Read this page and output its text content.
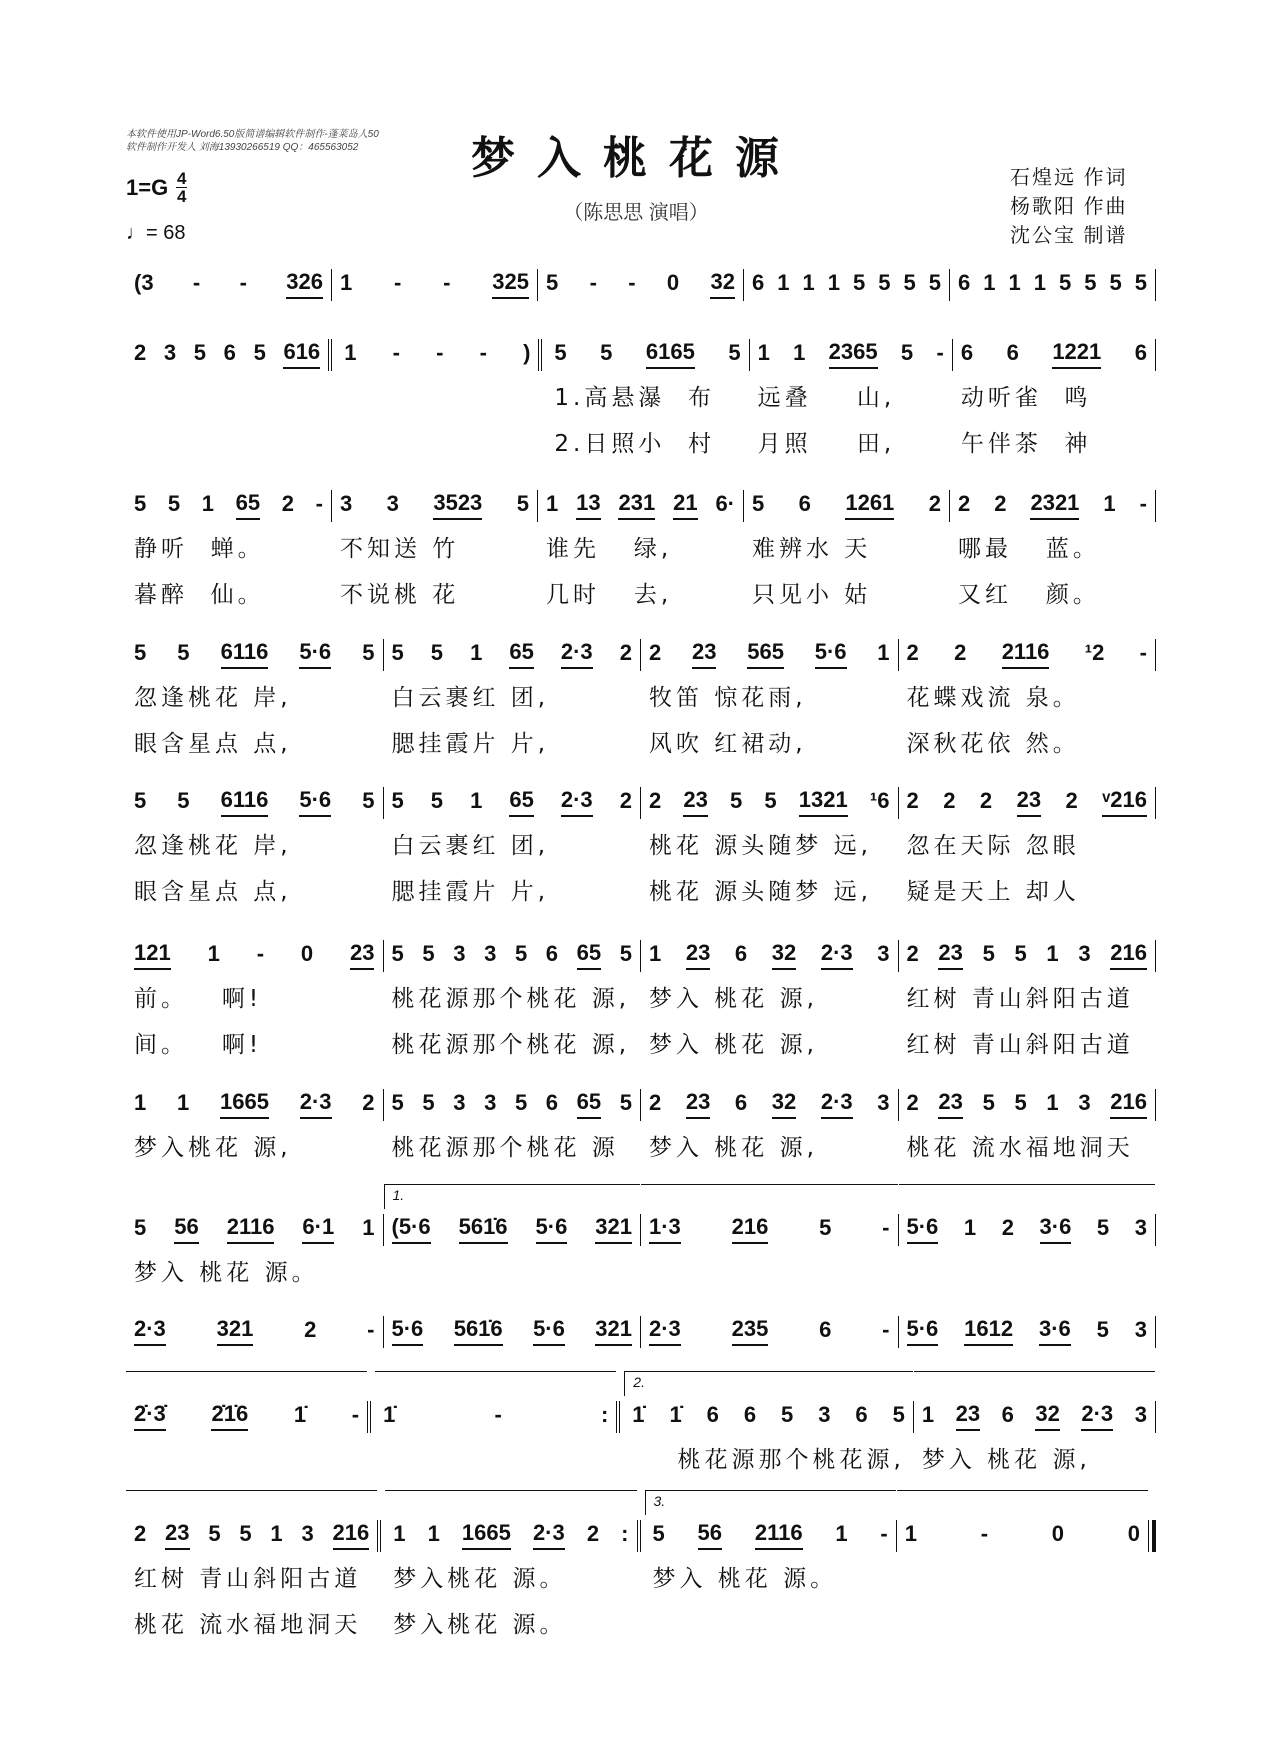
本软件使用JP-Word6.50版简谱编辑软件制作-蓬莱岛人50
软件制作开发人 刘海13930266519 QQ：465563052	梦入桃花源
（陈思思 演唱）
$1=G \frac{4}{4}$
♩= 68
石煌远 作词
杨歌阳 作曲
沈公宝 制谱
(3 - - 326 1 - - 325 5 - - 0 32 6 1 1 1 5 5 5 5 6 1 1 1 5 5 5 5
2 3 5 6 5 616 1 - - - ) 5 5 6165 5
1.高悬瀑  布
2.日照小  村
1 1 2365 5 -
远叠    山,
月照    田,
6 6 1221 6
动听雀  鸣
午伴茶  神
5 5 1 65 2 -
静听  蝉。
暮醉  仙。
3 3 3523 5
不知送 竹
不说桃 花
1 13 231 21 6·
谁先   绿,
几时   去,
5 6 1261 2
难辨水 天
只见小 姑
2 2 2321 1 -
哪最   蓝。
又红   颜。
5 5 6116 5·6 5
忽逢桃花 岸,
眼含星点 点,
5 5 1 65 2·3 2
白云裹红 团,
腮挂霞片 片,
2 23 565 5·6 1
牧笛 惊花雨,
风吹 红裙动,
2 2 2116 ¹2 -
花蝶戏流 泉。
深秋花依 然。
5 5 6116 5·6 5
忽逢桃花 岸,
眼含星点 点,
5 5 1 65 2·3 2
白云裹红 团,
腮挂霞片 片,
2 23 5 5 1321 ¹6
桃花 源头随梦 远,
桃花 源头随梦 远,
2 2 2 23 2 ᵛ216
忽在天际 忽眼
疑是天上 却人
121 1 - 0 23
前。   啊!
间。   啊!
5 5 3 3 5 6 65 5
桃花源那个桃花 源,
桃花源那个桃花 源,
1 23 6 32 2·3 3
梦入 桃花 源,
梦入 桃花 源,
2 23 5 5 1 3 216
红树 青山斜阳古道
红树 青山斜阳古道
1 1 1665 2·3 2
梦入桃花 源,
5 5 3 3 5 6 65 5
桃花源那个桃花 源
2 23 6 32 2·3 3
梦入 桃花 源,
2 23 5 5 1 3 216
桃花 流水福地洞天
5 56 2116 6·1 1
梦入 桃花 源。
1.
(5·6 561̇6 5·6 321 1·3 216 5 - 5·6 1 2 3·6 5 3
2·3 321 2 - 5·6 561̇6 5·6 321 2·3 235 6 - 5·6 1612 3·6 5 3
2̇·3̇ 2̇1̇6 1̇ - 1̇	-	:
2.
1̇ 1̇ 6 6 5 3 6 5
桃花源那个桃花源,
1 23 6 32 2·3 3
梦入 桃花 源,
2 23 5 5 1 3 216
红树 青山斜阳古道
桃花 流水福地洞天
1 1 1665 2·3 2 :
梦入桃花 源。
梦入桃花 源。
3.
5 56 2116 1 -
梦入 桃花 源。
1	-	0	0
